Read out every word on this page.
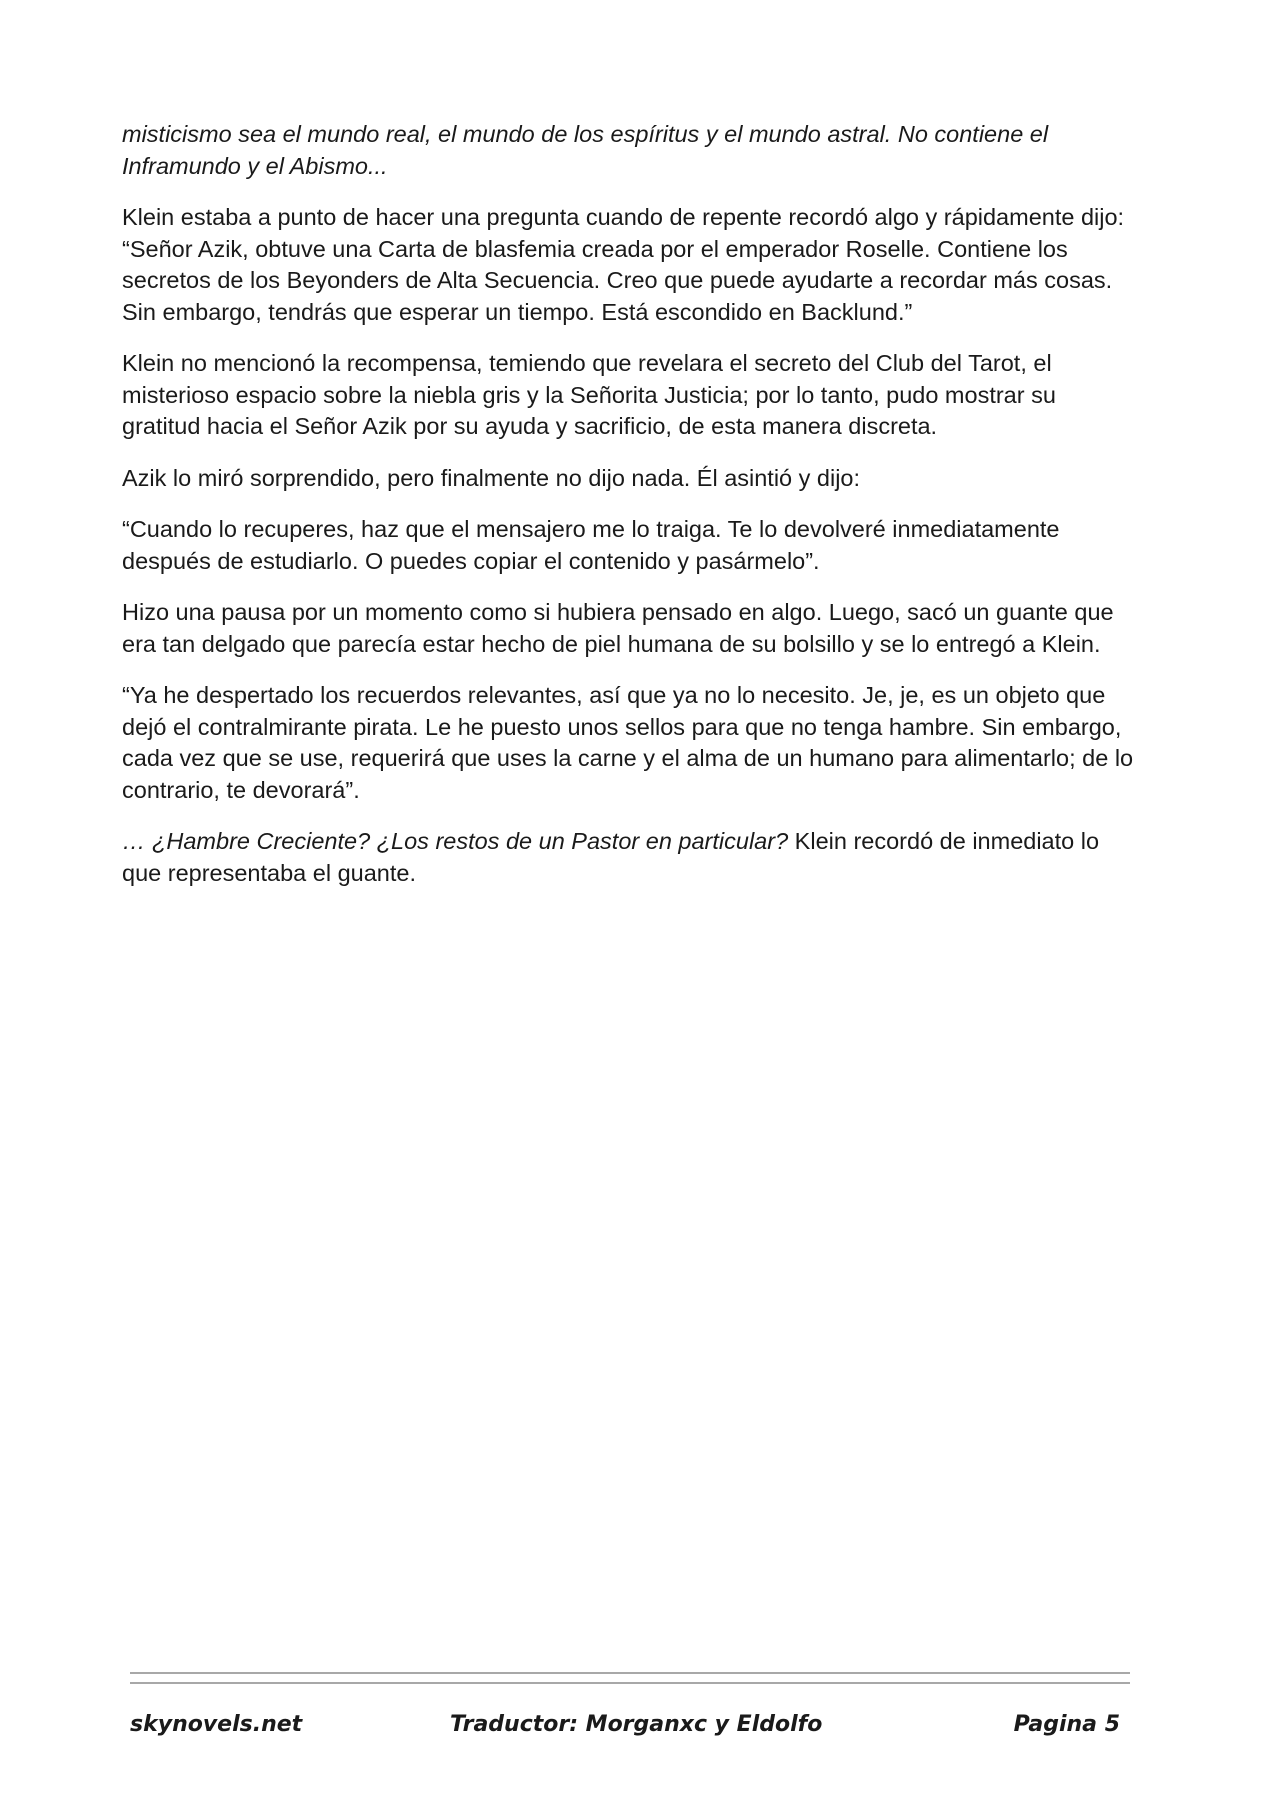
misticismo sea el mundo real, el mundo de los espíritus y el mundo astral. No contiene el Inframundo y el Abismo...

Klein estaba a punto de hacer una pregunta cuando de repente recordó algo y rápidamente dijo: “Señor Azik, obtuve una Carta de blasfemia creada por el emperador Roselle. Contiene los secretos de los Beyonders de Alta Secuencia. Creo que puede ayudarte a recordar más cosas. Sin embargo, tendrás que esperar un tiempo. Está escondido en Backlund.”

Klein no mencionó la recompensa, temiendo que revelara el secreto del Club del Tarot, el misterioso espacio sobre la niebla gris y la Señorita Justicia; por lo tanto, pudo mostrar su gratitud hacia el Señor Azik por su ayuda y sacrificio, de esta manera discreta.

Azik lo miró sorprendido, pero finalmente no dijo nada. Él asintió y dijo:

“Cuando lo recuperes, haz que el mensajero me lo traiga. Te lo devolveré inmediatamente después de estudiarlo. O puedes copiar el contenido y pasármelo”.

Hizo una pausa por un momento como si hubiera pensado en algo. Luego, sacó un guante que era tan delgado que parecía estar hecho de piel humana de su bolsillo y se lo entregó a Klein.

“Ya he despertado los recuerdos relevantes, así que ya no lo necesito. Je, je, es un objeto que dejó el contralmirante pirata. Le he puesto unos sellos para que no tenga hambre. Sin embargo, cada vez que se use, requerirá que uses la carne y el alma de un humano para alimentarlo; de lo contrario, te devorará”.

… ¿Hambre Creciente? ¿Los restos de un Pastor en particular? Klein recordó de inmediato lo que representaba el guante.

skynovels.net	Traductor: Morganxc y Eldolfo	Pagina 5
